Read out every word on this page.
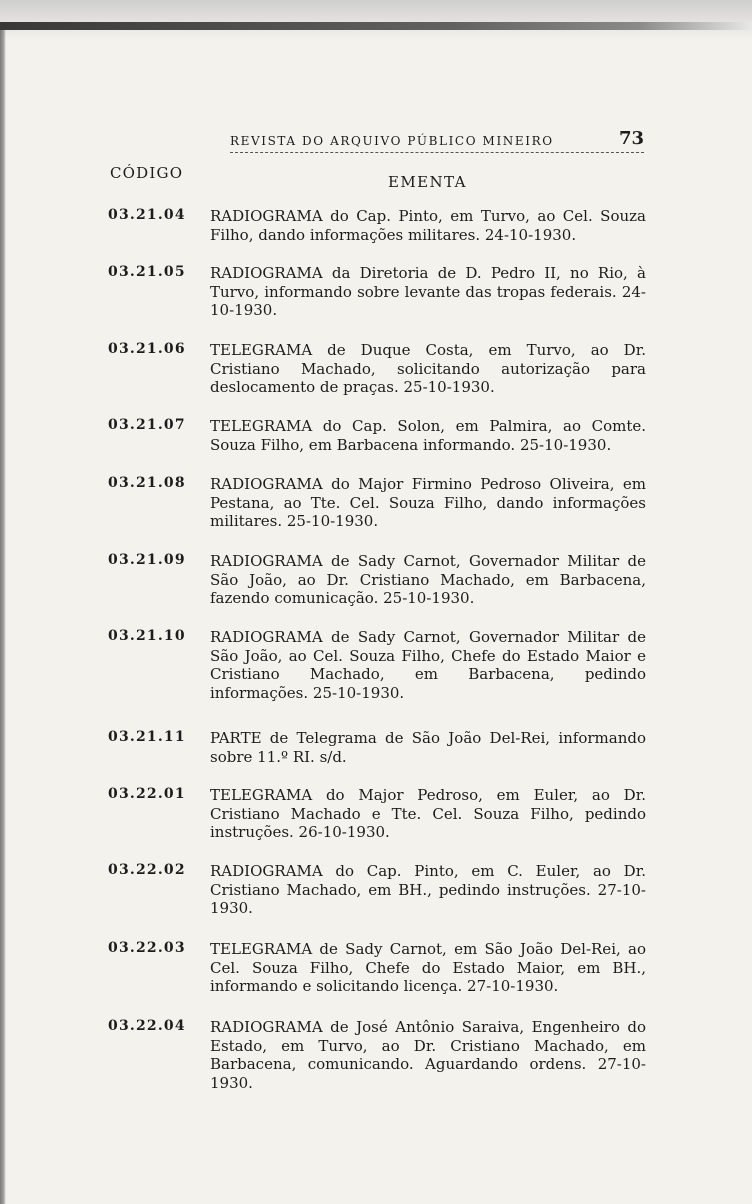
REVISTA DO ARQUIVO PÚBLICO MINEIRO	73
CÓDIGO	EMENTA
03.21.04 RADIOGRAMA do Cap. Pinto, em Turvo, ao Cel. Souza Filho, dando informações militares. 24-10-1930.
03.21.05 RADIOGRAMA da Diretoria de D. Pedro II, no Rio, à Turvo, informando sobre levante das tropas federais. 24-10-1930.
03.21.06 TELEGRAMA de Duque Costa, em Turvo, ao Dr. Cristiano Machado, solicitando autorização para deslocamento de praças. 25-10-1930.
03.21.07 TELEGRAMA do Cap. Solon, em Palmira, ao Comte. Souza Filho, em Barbacena informando. 25-10-1930.
03.21.08 RADIOGRAMA do Major Firmino Pedroso Oliveira, em Pestana, ao Tte. Cel. Souza Filho, dando informações militares. 25-10-1930.
03.21.09 RADIOGRAMA de Sady Carnot, Governador Militar de São João, ao Dr. Cristiano Machado, em Barbacena, fazendo comunicação. 25-10-1930.
03.21.10 RADIOGRAMA de Sady Carnot, Governador Militar de São João, ao Cel. Souza Filho, Chefe do Estado Maior e Cristiano Machado, em Barbacena, pedindo informações. 25-10-1930.
03.21.11 PARTE de Telegrama de São João Del-Rei, informando sobre 11.º RI. s/d.
03.22.01 TELEGRAMA do Major Pedroso, em Euler, ao Dr. Cristiano Machado e Tte. Cel. Souza Filho, pedindo instruções. 26-10-1930.
03.22.02 RADIOGRAMA do Cap. Pinto, em C. Euler, ao Dr. Cristiano Machado, em BH., pedindo instruções. 27-10-1930.
03.22.03 TELEGRAMA de Sady Carnot, em São João Del-Rei, ao Cel. Souza Filho, Chefe do Estado Maior, em BH., informando e solicitando licença. 27-10-1930.
03.22.04 RADIOGRAMA de José Antônio Saraiva, Engenheiro do Estado, em Turvo, ao Dr. Cristiano Machado, em Barbacena, comunicando. Aguardando ordens. 27-10-1930.
